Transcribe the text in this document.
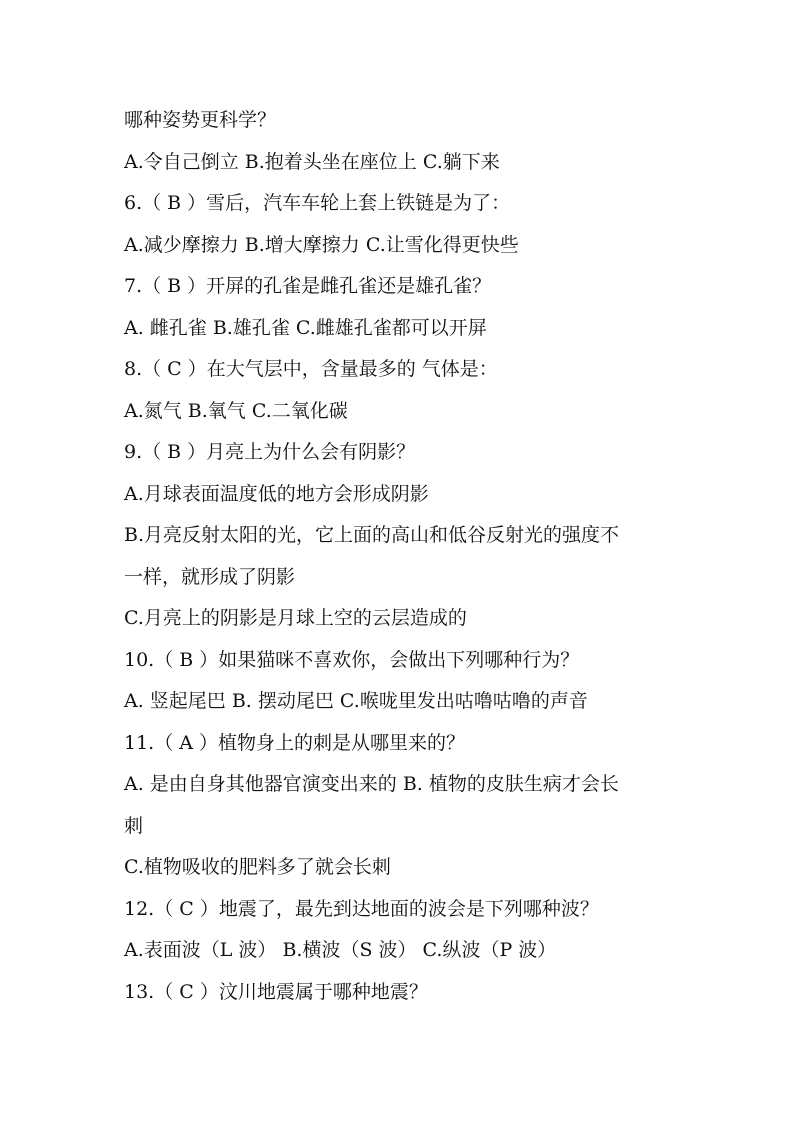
哪种姿势更科学？
A.令自己倒立 B.抱着头坐在座位上 C.躺下来
6.（ B ）雪后，汽车车轮上套上铁链是为了：
A.减少摩擦力 B.增大摩擦力 C.让雪化得更快些
7.（ B ）开屏的孔雀是雌孔雀还是雄孔雀？
A. 雌孔雀 B.雄孔雀 C.雌雄孔雀都可以开屏
8.（ C ）在大气层中，含量最多的 气体是：
A.氮气 B.氧气 C.二氧化碳
9.（ B ）月亮上为什么会有阴影？
A.月球表面温度低的地方会形成阴影
B.月亮反射太阳的光，它上面的高山和低谷反射光的强度不
一样，就形成了阴影
C.月亮上的阴影是月球上空的云层造成的
10.（ B ）如果猫咪不喜欢你，会做出下列哪种行为？
A. 竖起尾巴 B. 摆动尾巴 C.喉咙里发出咕噜咕噜的声音
11.（ A ）植物身上的刺是从哪里来的？
A. 是由自身其他器官演变出来的 B. 植物的皮肤生病才会长
刺
C.植物吸收的肥料多了就会长刺
12.（ C ）地震了，最先到达地面的波会是下列哪种波？
A.表面波（L 波） B.横波（S 波） C.纵波（P 波）
13.（ C ）汶川地震属于哪种地震？
